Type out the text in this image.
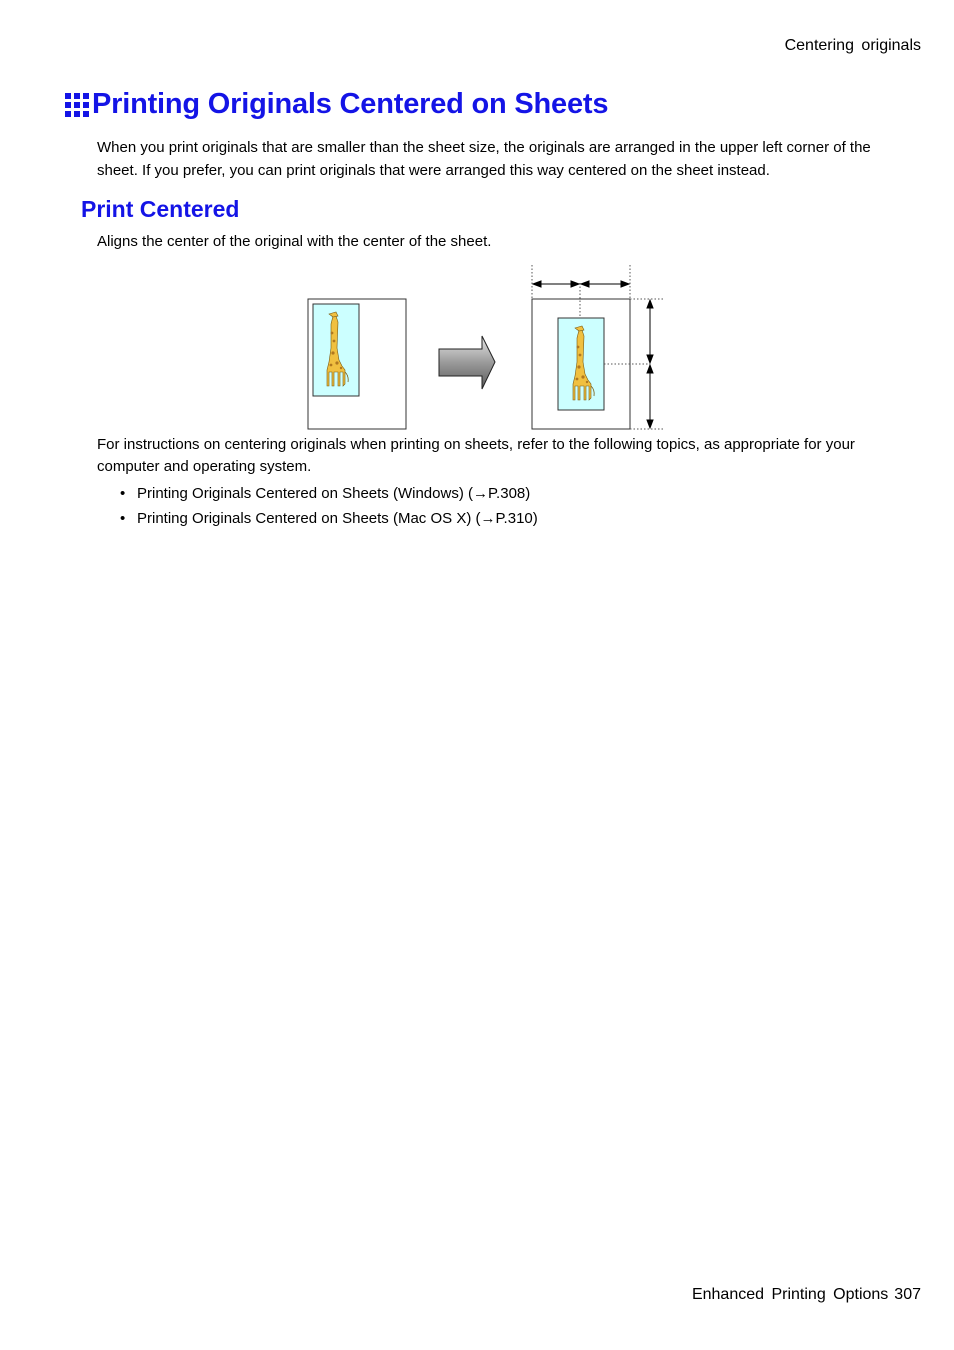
Centering originals
Printing Originals Centered on Sheets
When you print originals that are smaller than the sheet size, the originals are arranged in the upper left corner of the sheet. If you prefer, you can print originals that were arranged this way centered on the sheet instead.
Print Centered
Aligns the center of the original with the center of the sheet.
For instructions on centering originals when printing on sheets, refer to the following topics, as appropriate for your computer and operating system.
• Printing Originals Centered on Sheets (Windows) (→P.308)
• Printing Originals Centered on Sheets (Mac OS X) (→P.310)
Enhanced Printing Options 307
